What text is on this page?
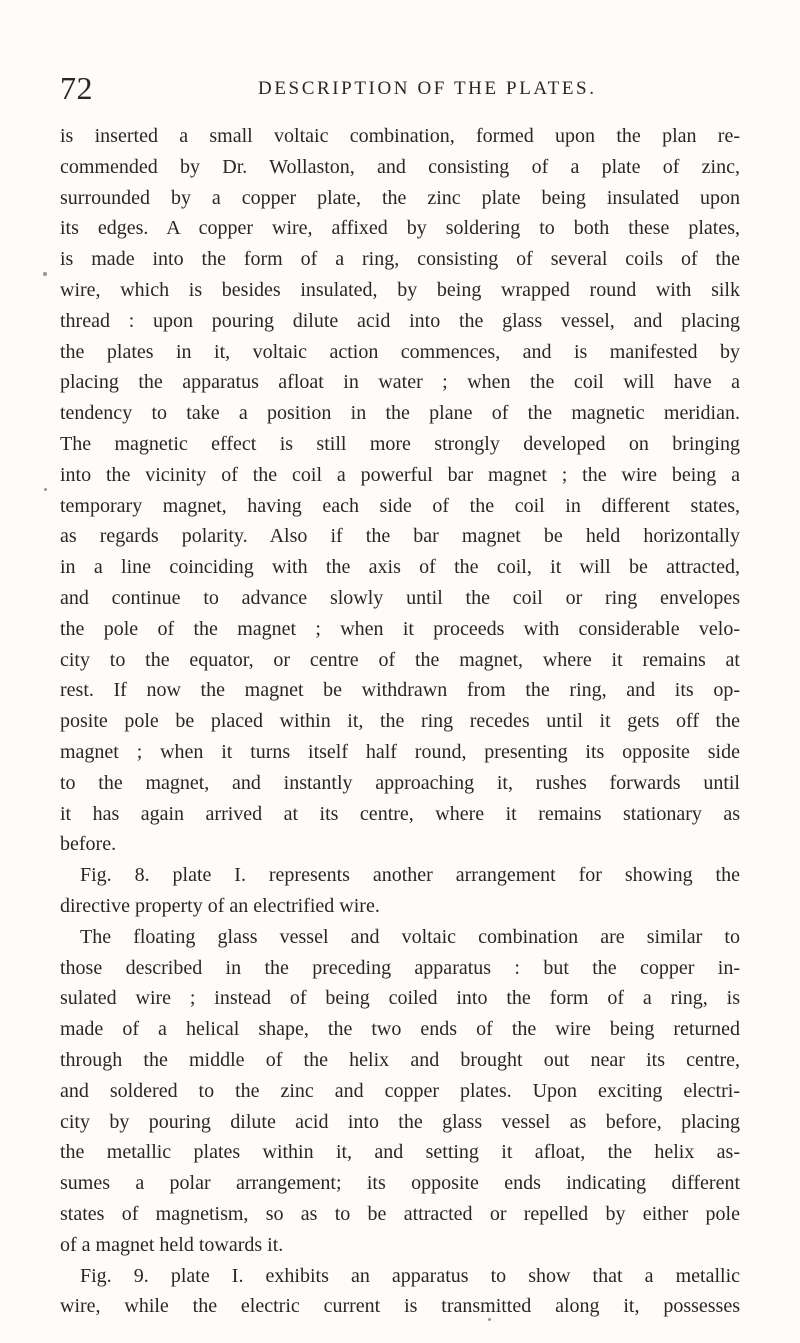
72	DESCRIPTION OF THE PLATES.
is inserted a small voltaic combination, formed upon the plan re-
commended by Dr. Wollaston, and consisting of a plate of zinc,
surrounded by a copper plate, the zinc plate being insulated upon
its edges. A copper wire, affixed by soldering to both these plates,
is made into the form of a ring, consisting of several coils of the
wire, which is besides insulated, by being wrapped round with silk
thread : upon pouring dilute acid into the glass vessel, and placing
the plates in it, voltaic action commences, and is manifested by
placing the apparatus afloat in water ; when the coil will have a
tendency to take a position in the plane of the magnetic meridian.
The magnetic effect is still more strongly developed on bringing
into the vicinity of the coil a powerful bar magnet ; the wire being a
temporary magnet, having each side of the coil in different states,
as regards polarity. Also if the bar magnet be held horizontally
in a line coinciding with the axis of the coil, it will be attracted,
and continue to advance slowly until the coil or ring envelopes
the pole of the magnet ; when it proceeds with considerable velo-
city to the equator, or centre of the magnet, where it remains at
rest. If now the magnet be withdrawn from the ring, and its op-
posite pole be placed within it, the ring recedes until it gets off the
magnet ; when it turns itself half round, presenting its opposite side
to the magnet, and instantly approaching it, rushes forwards until
it has again arrived at its centre, where it remains stationary as
before.
Fig. 8. plate I. represents another arrangement for showing the
directive property of an electrified wire.
The floating glass vessel and voltaic combination are similar to
those described in the preceding apparatus : but the copper in-
sulated wire ; instead of being coiled into the form of a ring, is
made of a helical shape, the two ends of the wire being returned
through the middle of the helix and brought out near its centre,
and soldered to the zinc and copper plates. Upon exciting electri-
city by pouring dilute acid into the glass vessel as before, placing
the metallic plates within it, and setting it afloat, the helix as-
sumes a polar arrangement; its opposite ends indicating different
states of magnetism, so as to be attracted or repelled by either pole
of a magnet held towards it.
Fig. 9. plate I. exhibits an apparatus to show that a metallic
wire, while the electric current is transmitted along it, possesses
